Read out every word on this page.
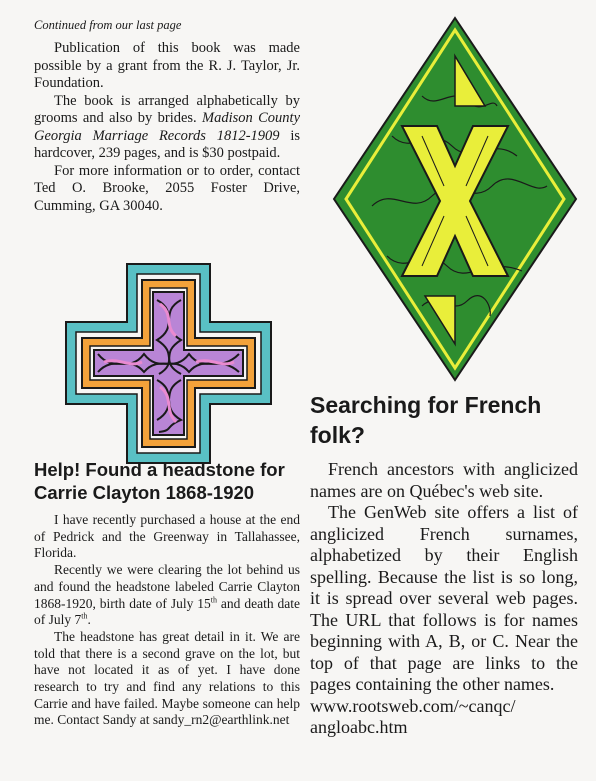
Continued from our last page

Publication of this book was made possible by a grant from the R. J. Taylor, Jr. Foundation.

The book is arranged alphabetically by grooms and also by brides. Madison County Georgia Marriage Records 1812-1909 is hardcover, 239 pages, and is $30 postpaid.

For more information or to order, contact Ted O. Brooke, 2055 Foster Drive, Cumming, GA 30040.

Help! Found a headstone for Carrie Clayton 1868-1920

I have recently purchased a house at the end of Pedrick and the Greenway in Tallahassee, Florida.

Recently we were clearing the lot behind us and found the headstone labeled Carrie Clayton 1868-1920, birth date of July 15th and death date of July 7th.

The headstone has great detail in it. We are told that there is a second grave on the lot, but have not located it as of yet. I have done research to try and find any relations to this Carrie and have failed. Maybe someone can help me. Contact Sandy at sandy_rn2@earthlink.net

Searching for French folk?

French ancestors with anglicized names are on Québec's web site.

The GenWeb site offers a list of anglicized French surnames, alphabetized by their English spelling. Because the list is so long, it is spread over several web pages. The URL that follows is for names beginning with A, B, or C. Near the top of that page are links to the pages containing the other names.

www.rootsweb.com/~canqc/

angloabc.htm
